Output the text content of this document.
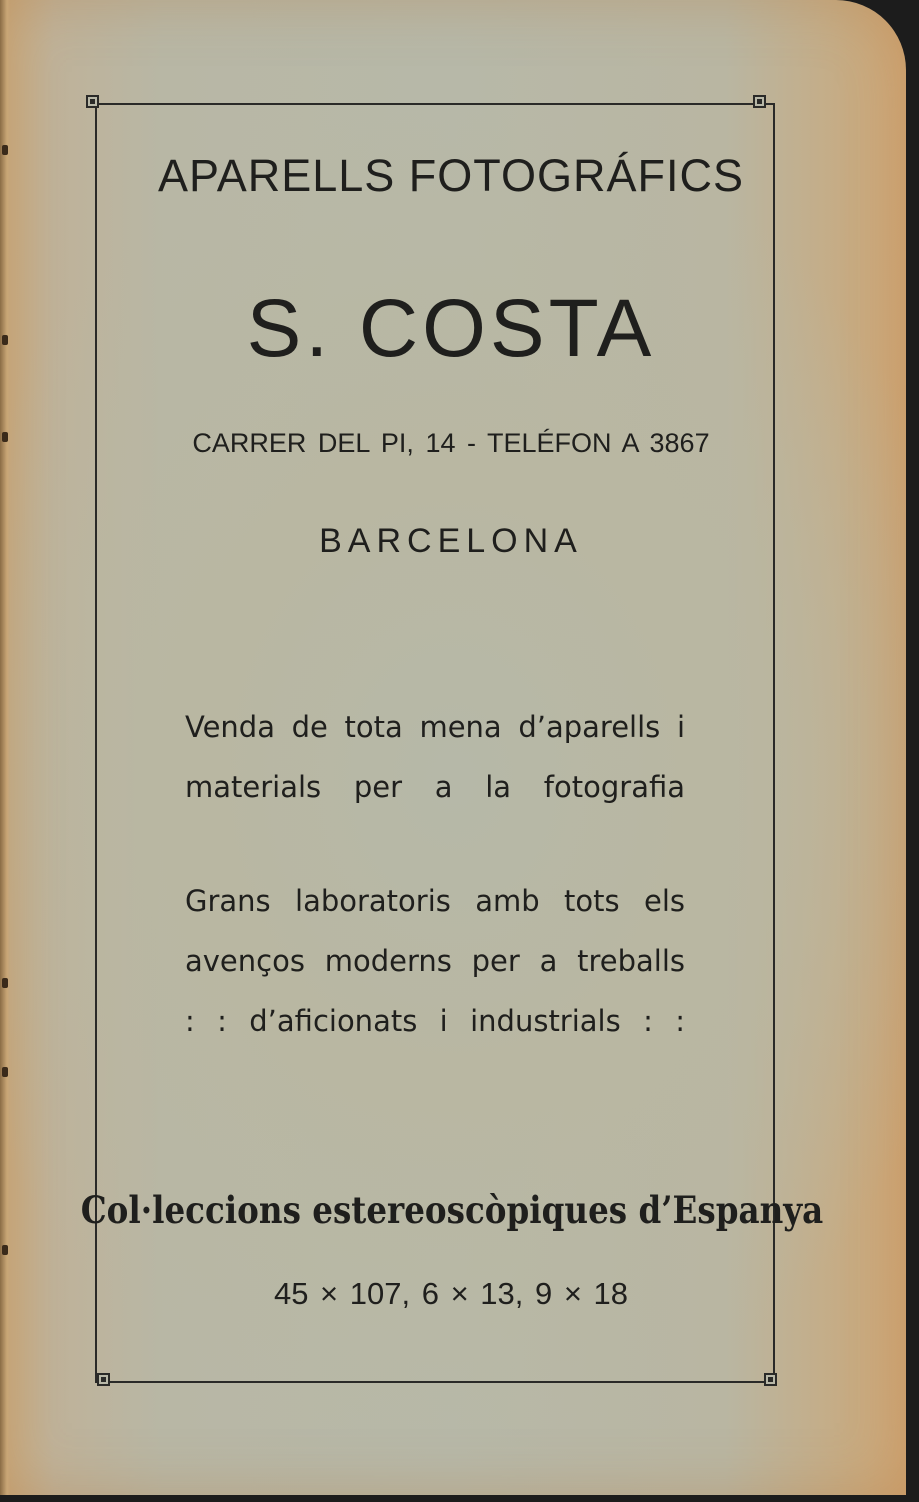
APARELLS FOTOGRÁFICS
S. COSTA
CARRER DEL PI, 14 - TELÉFON A 3867
BARCELONA
Venda de tota mena d’aparells i
materials per a la fotografia
Grans laboratoris amb tots els
avenços moderns per a treballs
: : d’aficionats i industrials : :
Col·leccions estereoscòpiques d’Espanya
45 × 107, 6 × 13, 9 × 18
